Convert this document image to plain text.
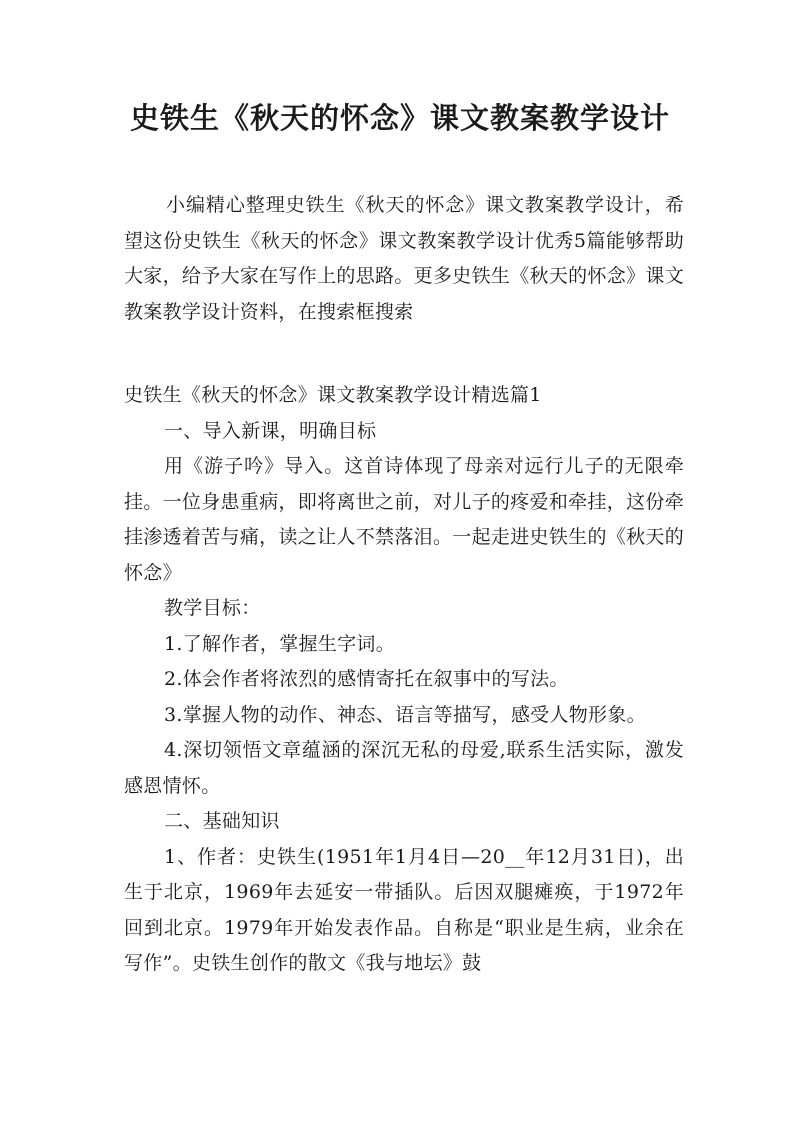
史铁生《秋天的怀念》课文教案教学设计
小编精心整理史铁生《秋天的怀念》课文教案教学设计，希望这份史铁生《秋天的怀念》课文教案教学设计优秀5篇能够帮助大家，给予大家在写作上的思路。更多史铁生《秋天的怀念》课文教案教学设计资料，在搜索框搜索

史铁生《秋天的怀念》课文教案教学设计精选篇1

一、导入新课，明确目标

用《游子吟》导入。这首诗体现了母亲对远行儿子的无限牵挂。一位身患重病，即将离世之前，对儿子的疼爱和牵挂，这份牵挂渗透着苦与痛，读之让人不禁落泪。一起走进史铁生的《秋天的怀念》

教学目标：

1.了解作者，掌握生字词。

2.体会作者将浓烈的感情寄托在叙事中的写法。

3.掌握人物的动作、神态、语言等描写，感受人物形象。

4.深切领悟文章蕴涵的深沉无私的母爱,联系生活实际，激发感恩情怀。

二、基础知识

1、作者：史铁生(1951年1月4日—20__年12月31日)，出生于北京，1969年去延安一带插队。后因双腿瘫痪，于1972年回到北京。1979年开始发表作品。自称是“职业是生病，业余在写作”。史铁生创作的散文《我与地坛》鼓
